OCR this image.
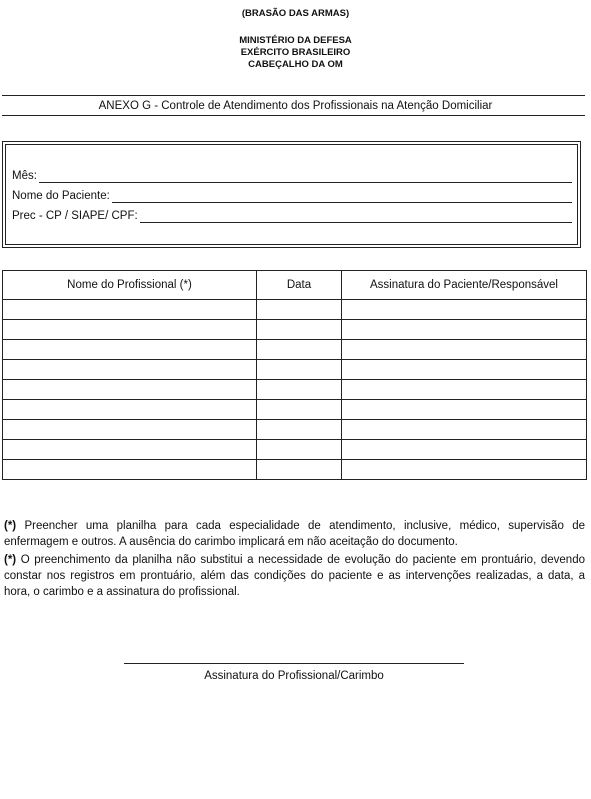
(BRASÃO DAS ARMAS)
MINISTÉRIO DA DEFESA
EXÉRCITO BRASILEIRO
CABEÇALHO DA OM
ANEXO G - Controle de Atendimento dos Profissionais na Atenção Domiciliar
Mês:
Nome do Paciente:
Prec - CP / SIAPE/ CPF:
Nome do Profissional (*)	Data	Assinatura do Paciente/Responsável

(*) Preencher uma planilha para cada especialidade de atendimento, inclusive, médico, supervisão de enfermagem e outros. A ausência do carimbo implicará em não aceitação do documento.

(*) O preenchimento da planilha não substitui a necessidade de evolução do paciente em prontuário, devendo constar nos registros em prontuário, além das condições do paciente e as intervenções realizadas, a data, a hora, o carimbo e a assinatura do profissional.

Assinatura do Profissional/Carimbo
